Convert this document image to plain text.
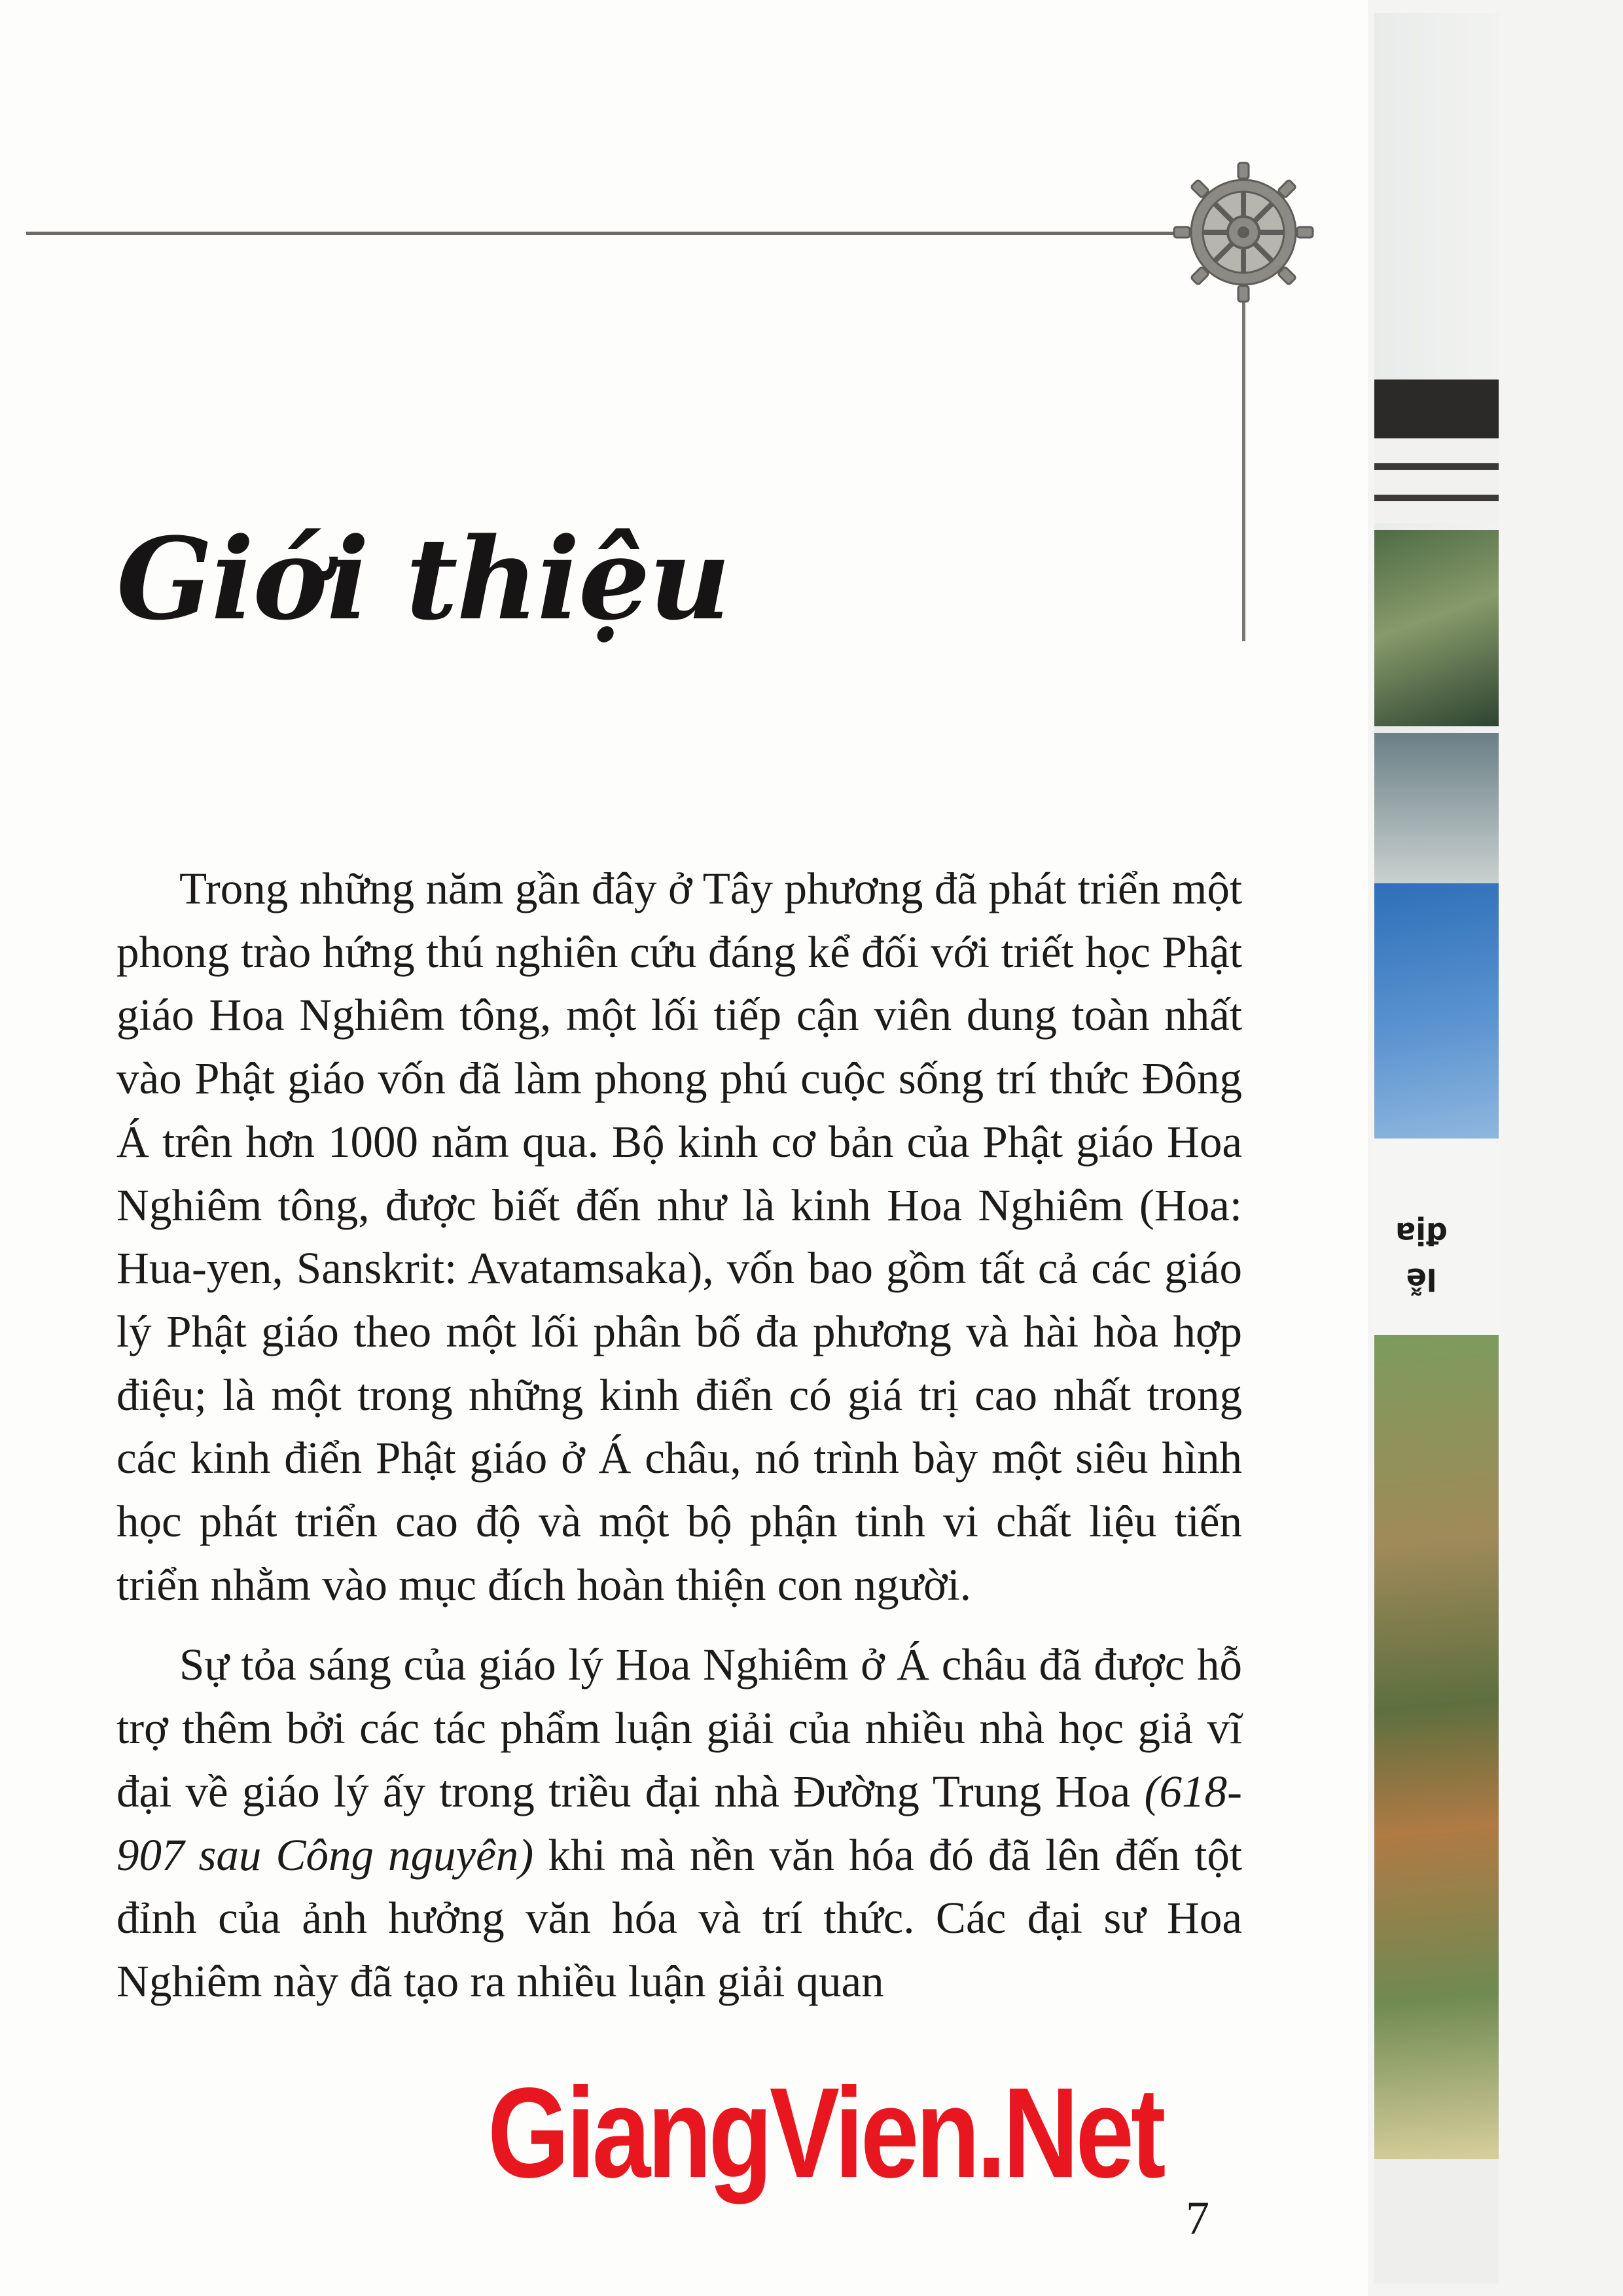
lễ địa
Giới thiệu

Trong những năm gần đây ở Tây phương đã phát triển một phong trào hứng thú nghiên cứu đáng kể đối với triết học Phật giáo Hoa Nghiêm tông, một lối tiếp cận viên dung toàn nhất vào Phật giáo vốn đã làm phong phú cuộc sống trí thức Đông Á trên hơn 1000 năm qua. Bộ kinh cơ bản của Phật giáo Hoa Nghiêm tông, được biết đến như là kinh Hoa Nghiêm (Hoa: Hua-yen, Sanskrit: Avatamsaka), vốn bao gồm tất cả các giáo lý Phật giáo theo một lối phân bố đa phương và hài hòa hợp điệu; là một trong những kinh điển có giá trị cao nhất trong các kinh điển Phật giáo ở Á châu, nó trình bày một siêu hình học phát triển cao độ và một bộ phận tinh vi chất liệu tiến triển nhằm vào mục đích hoàn thiện con người.

Sự tỏa sáng của giáo lý Hoa Nghiêm ở Á châu đã được hỗ trợ thêm bởi các tác phẩm luận giải của nhiều nhà học giả vĩ đại về giáo lý ấy trong triều đại nhà Đường Trung Hoa (618-907 sau Công nguyên) khi mà nền văn hóa đó đã lên đến tột đỉnh của ảnh hưởng văn hóa và trí thức. Các đại sư Hoa Nghiêm này đã tạo ra nhiều luận giải quan

GiangVien.Net
7
